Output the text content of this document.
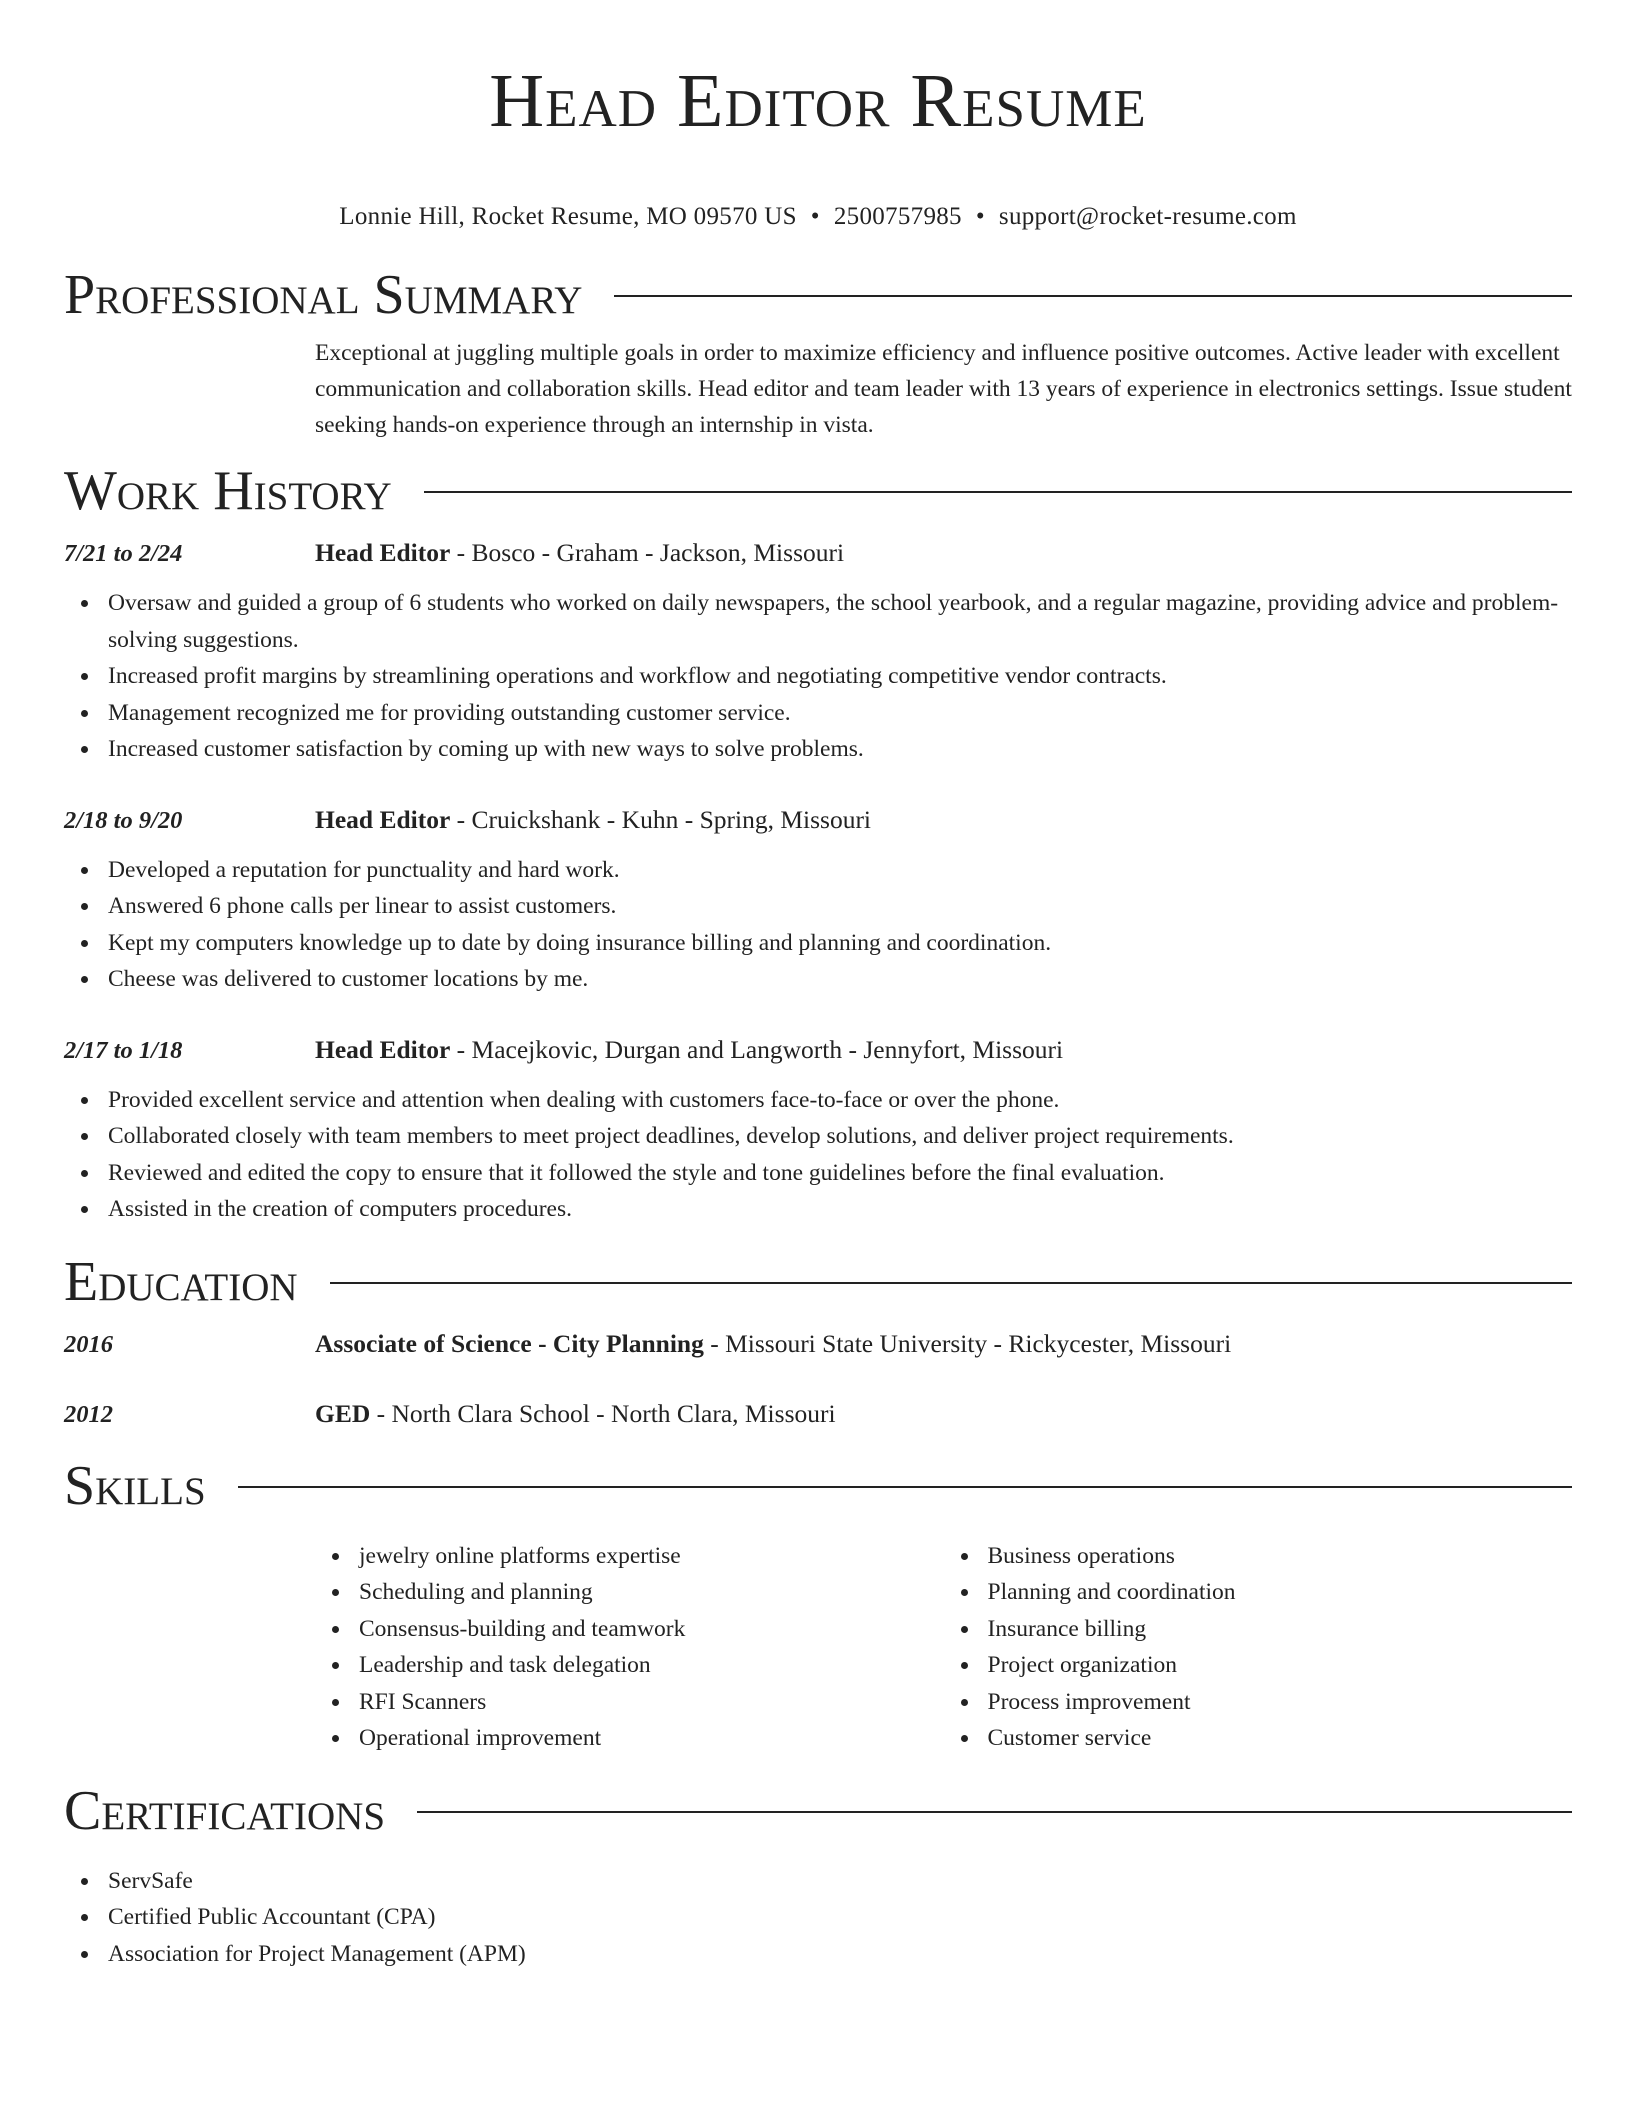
Head Editor Resume
Lonnie Hill, Rocket Resume, MO 09570 US • 2500757985 • support@rocket-resume.com
Professional Summary
Exceptional at juggling multiple goals in order to maximize efficiency and influence positive outcomes. Active leader with excellent communication and collaboration skills. Head editor and team leader with 13 years of experience in electronics settings. Issue student seeking hands-on experience through an internship in vista.
Work History
7/21 to 2/24	Head Editor - Bosco - Graham - Jackson, Missouri
Oversaw and guided a group of 6 students who worked on daily newspapers, the school yearbook, and a regular magazine, providing advice and problem-solving suggestions.
Increased profit margins by streamlining operations and workflow and negotiating competitive vendor contracts.
Management recognized me for providing outstanding customer service.
Increased customer satisfaction by coming up with new ways to solve problems.
2/18 to 9/20	Head Editor - Cruickshank - Kuhn - Spring, Missouri
Developed a reputation for punctuality and hard work.
Answered 6 phone calls per linear to assist customers.
Kept my computers knowledge up to date by doing insurance billing and planning and coordination.
Cheese was delivered to customer locations by me.
2/17 to 1/18	Head Editor - Macejkovic, Durgan and Langworth - Jennyfort, Missouri
Provided excellent service and attention when dealing with customers face-to-face or over the phone.
Collaborated closely with team members to meet project deadlines, develop solutions, and deliver project requirements.
Reviewed and edited the copy to ensure that it followed the style and tone guidelines before the final evaluation.
Assisted in the creation of computers procedures.
Education
2016	Associate of Science - City Planning - Missouri State University - Rickycester, Missouri
2012	GED - North Clara School - North Clara, Missouri
Skills
jewelry online platforms expertise
Scheduling and planning
Consensus-building and teamwork
Leadership and task delegation
RFI Scanners
Operational improvement
Business operations
Planning and coordination
Insurance billing
Project organization
Process improvement
Customer service
Certifications
ServSafe
Certified Public Accountant (CPA)
Association for Project Management (APM)
